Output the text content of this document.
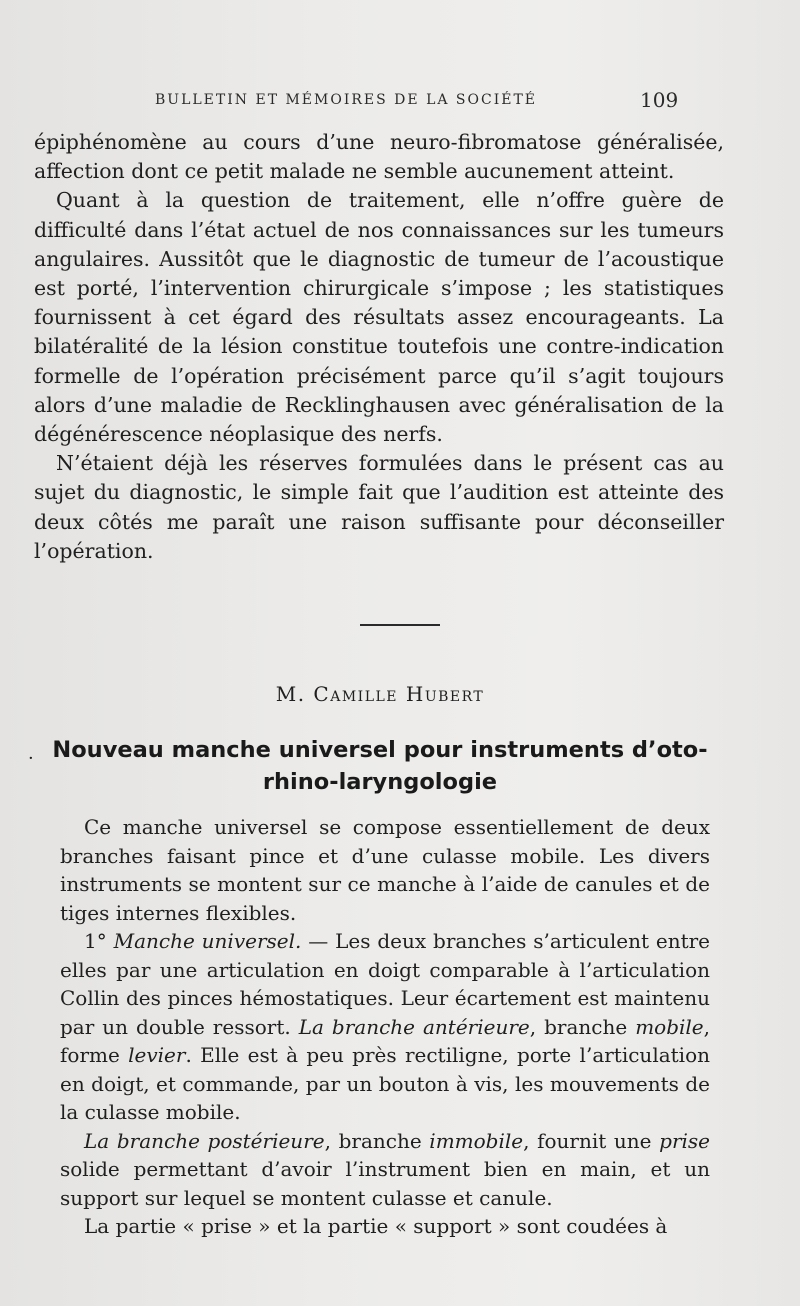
BULLETIN ET MÉMOIRES DE LA SOCIÉTÉ	109

épiphénomène au cours d’une neuro-fibromatose généralisée, affection dont ce petit malade ne semble aucunement atteint.

Quant à la question de traitement, elle n’offre guère de difficulté dans l’état actuel de nos connaissances sur les tumeurs angulaires. Aussitôt que le diagnostic de tumeur de l’acoustique est porté, l’intervention chirurgicale s’impose ; les statistiques fournissent à cet égard des résultats assez encourageants. La bilatéralité de la lésion constitue toutefois une contre-indication formelle de l’opération précisément parce qu’il s’agit toujours alors d’une maladie de Recklinghausen avec généralisation de la dégénérescence néoplasique des nerfs.

N’étaient déjà les réserves formulées dans le présent cas au sujet du diagnostic, le simple fait que l’audition est atteinte des deux côtés me paraît une raison suffisante pour déconseiller l’opération.

M. Camille Hubert
· Nouveau manche universel pour instruments d’oto-rhino-laryngologie

Ce manche universel se compose essentiellement de deux branches faisant pince et d’une culasse mobile. Les divers instruments se montent sur ce manche à l’aide de canules et de tiges internes flexibles.

1° Manche universel. — Les deux branches s’articulent entre elles par une articulation en doigt comparable à l’articulation Collin des pinces hémostatiques. Leur écartement est maintenu par un double ressort. La branche antérieure, branche mobile, forme levier. Elle est à peu près rectiligne, porte l’articulation en doigt, et commande, par un bouton à vis, les mouvements de la culasse mobile.

La branche postérieure, branche immobile, fournit une prise solide permettant d’avoir l’instrument bien en main, et un support sur lequel se montent culasse et canule.

La partie « prise » et la partie « support » sont coudées à
